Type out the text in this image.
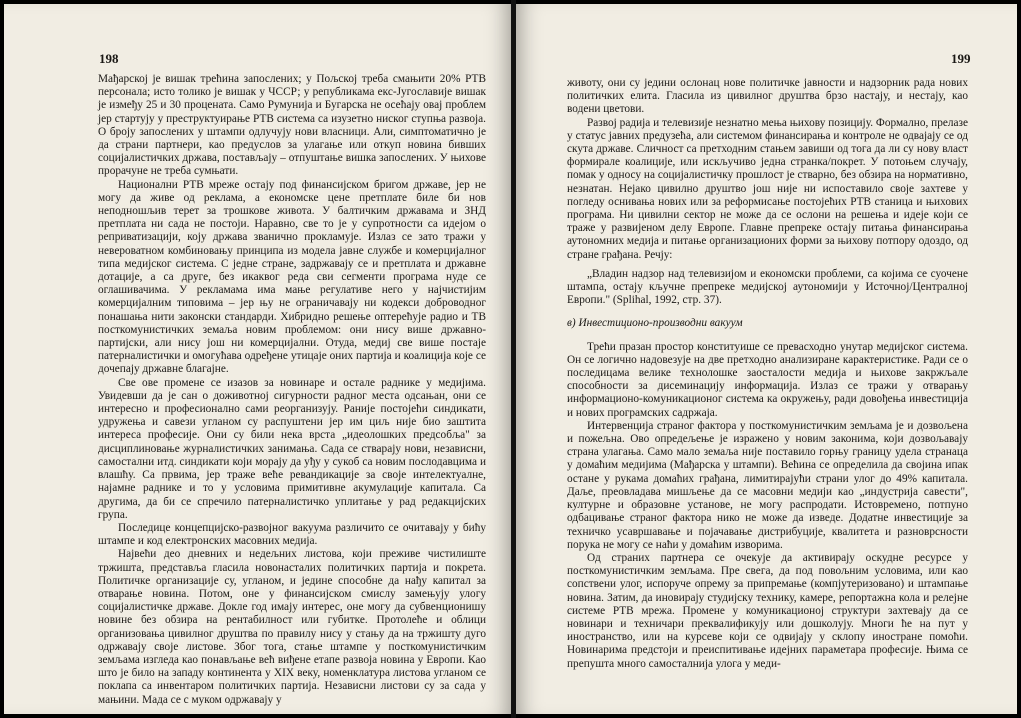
198

Мађарској је вишак трећина запослених; у Пољској треба смањити 20% РТВ персонала; исто толико је вишак у ЧССР; у републикама екс-Југославије вишак је између 25 и 30 процената. Само Румунија и Бугарска не осећају овај проблем јер стартују у преструктуирање РТВ система са изузетно ниског ступња развоја. О броју запослених у штампи одлучују нови власници. Али, симптоматично је да страни партнери, као предуслов за улагање или откуп новина бивших социјалистичких држава, постављају – отпуштање вишка запослених. У њихове прорачуне не треба сумњати.

Национални РТВ мреже остају под финансијском бригом државе, јер не могу да живе од реклама, а економске цене претплате биле би нов неподношљив терет за трошкове живота. У балтичким државама и ЗНД претплата ни сада не постоји. Наравно, све то је у супротности са идејом о реприватизацији, коју држава званично прокламује. Излаз се зато тражи у невероватном комбиновању принципа из модела јавне службе и комерцијалног типа медијског система. С једне стране, задржавају се и претплата и државне дотације, а са друге, без икаквог реда сви сегменти програма нуде се оглашивачима. У рекламама има мање регулативе него у најчистијим комерцијалним типовима – јер њу не ограничавају ни кодекси доброводног понашања нити законски стандарди. Хибридно решење оптерећује радио и ТВ посткомунистичких земаља новим проблемом: они нису више државно-партијски, али нису још ни комерцијални. Отуда, медиј све више постаје патерналистички и омогућава одређене утицаје оних партија и коалиција које се дочепају државне благајне.

Све ове промене се изазов за новинаре и остале раднике у медијима. Увидевши да је сан о доживотној сигурности радног места одсањан, они се интересно и професионално сами реорганизују. Раније постојећи синдикати, удружења и савези угланом су распуштени јер им циљ није био заштита интереса професије. Они су били нека врста „идеолошких предсобља" за дисциплиновање журналистичких занимања. Сада се стварају нови, независни, самостални итд. синдикати који морају да уђу у сукоб са новим послодавцима и влашћу. Са првима, јер траже веће ревандикације за своје интелектуалне, најамне раднике и то у условима примитивне акумулације капитала. Са другима, да би се спречило патерналистичко уплитање у рад редакцијских група.

Последице концепцијско-развојног вакуума различито се очитавају у бићу штампе и код електронских масовних медија.

Највећи део дневних и недељних листова, који преживе чистилиште тржишта, представља гласила новонасталих политичких партија и покрета. Политичке организације су, угланом, и једине способне да нађу капитал за отварање новина. Потом, оне у финансијском смислу замењују улогу социјалистичке државе. Докле год имају интерес, оне могу да субвенционишу новине без обзира на рентабилност или губитке. Протолеће и облици организовања цивилног друштва по правилу нису у стању да на тржишту дуго одржавају своје листове. Због тога, стање штампе у посткомунистичким земљама изгледа као понављање већ виђене етапе развоја новина у Европи. Као што је било на западу континента у XIX веку, номенклатура листова угланом се поклапа са инвентаром политичких партија. Независни листови су за сада у мањини. Мада се с муком одржавају у

199

животу, они су једини ослонац нове политичке јавности и надзорник рада нових политичких елита. Гласила из цивилног друштва брзо настају, и нестају, као водени цветови.

Развој радија и телевизије незнатно мења њихову позицију. Формално, прелазе у статус јавних предузећа, али системом финансирања и контроле не одвајају се од скута државе. Сличност са претходним стањем завиши од тога да ли су нову власт формирале коалиције, или искључиво једна странка/покрет. У потоњем случају, помак у односу на социјалистичку прошлост је стварно, без обзира на нормативно, незнатан. Нејако цивилно друштво још није ни испоставило своје захтеве у погледу оснивања нових или за реформисање постојећих РТВ станица и њихових програма. Ни цивилни сектор не може да се ослони на решења и идеје који се траже у развијеном делу Европе. Главне препреке остају питања финансирања аутономних медија и питање организационих форми за њихову потпору одоздо, од стране грађана. Речју:

„Владин надзор над телевизијом и економски проблеми, са којима се суочене штампа, остају кључне препреке медијској аутономији у Источној/Централној Европи." (Splihal, 1992, стр. 37).

в) Инвестиционо-производни вакуум

Трећи празан простор конституише се превасходно унутар медијског система. Он се логично надовезује на две претходно анализиране карактеристике. Ради се о последицама велике технолошке заосталости медија и њихове закржљале способности за дисеминацију информација. Излаз се тражи у отварању информационо-комуникационог система ка окружењу, ради довођења инвестиција и нових програмских садржаја.

Интервенција страног фактора у посткомунистичким земљама је и дозвољена и пожељна. Ово опредељење је изражено у новим законима, који дозвољавају страна улагања. Само мало земаља није поставило горњу границу удела странаца у домаћим медијима (Мађарска у штампи). Већина се определила да својина ипак остане у рукама домаћих грађана, лимитирајући страни улог до 49% капитала. Даље, преовладава мишљење да се масовни медији као „индустрија савести", културне и образовне установе, не могу распродати. Истовремено, потпуно одбацивање страног фактора нико не може да изведе. Додатне инвестиције за техничко усавршавање и појачавање дистрибуције, квалитета и разноврсности порука не могу се наћи у домаћим изворима.

Од страних партнера се очекује да активирају оскудне ресурсе у посткомунистичким земљама. Пре свега, да под повољним условима, или као сопствени улог, испоруче опрему за припремање (компјутеризовано) и штампање новина. Затим, да иновирају студијску технику, камере, репортажна кола и релејне системе РТВ мрежа. Промене у комуникационој структури захтевају да се новинари и техничари преквалификују или дошколују. Многи ће на пут у иностранство, или на курсеве који се одвијају у склопу иностране помоћи. Новинарима предстоји и преиспитивање идејних параметара професије. Њима се препушта много самосталнија улога у меди-
